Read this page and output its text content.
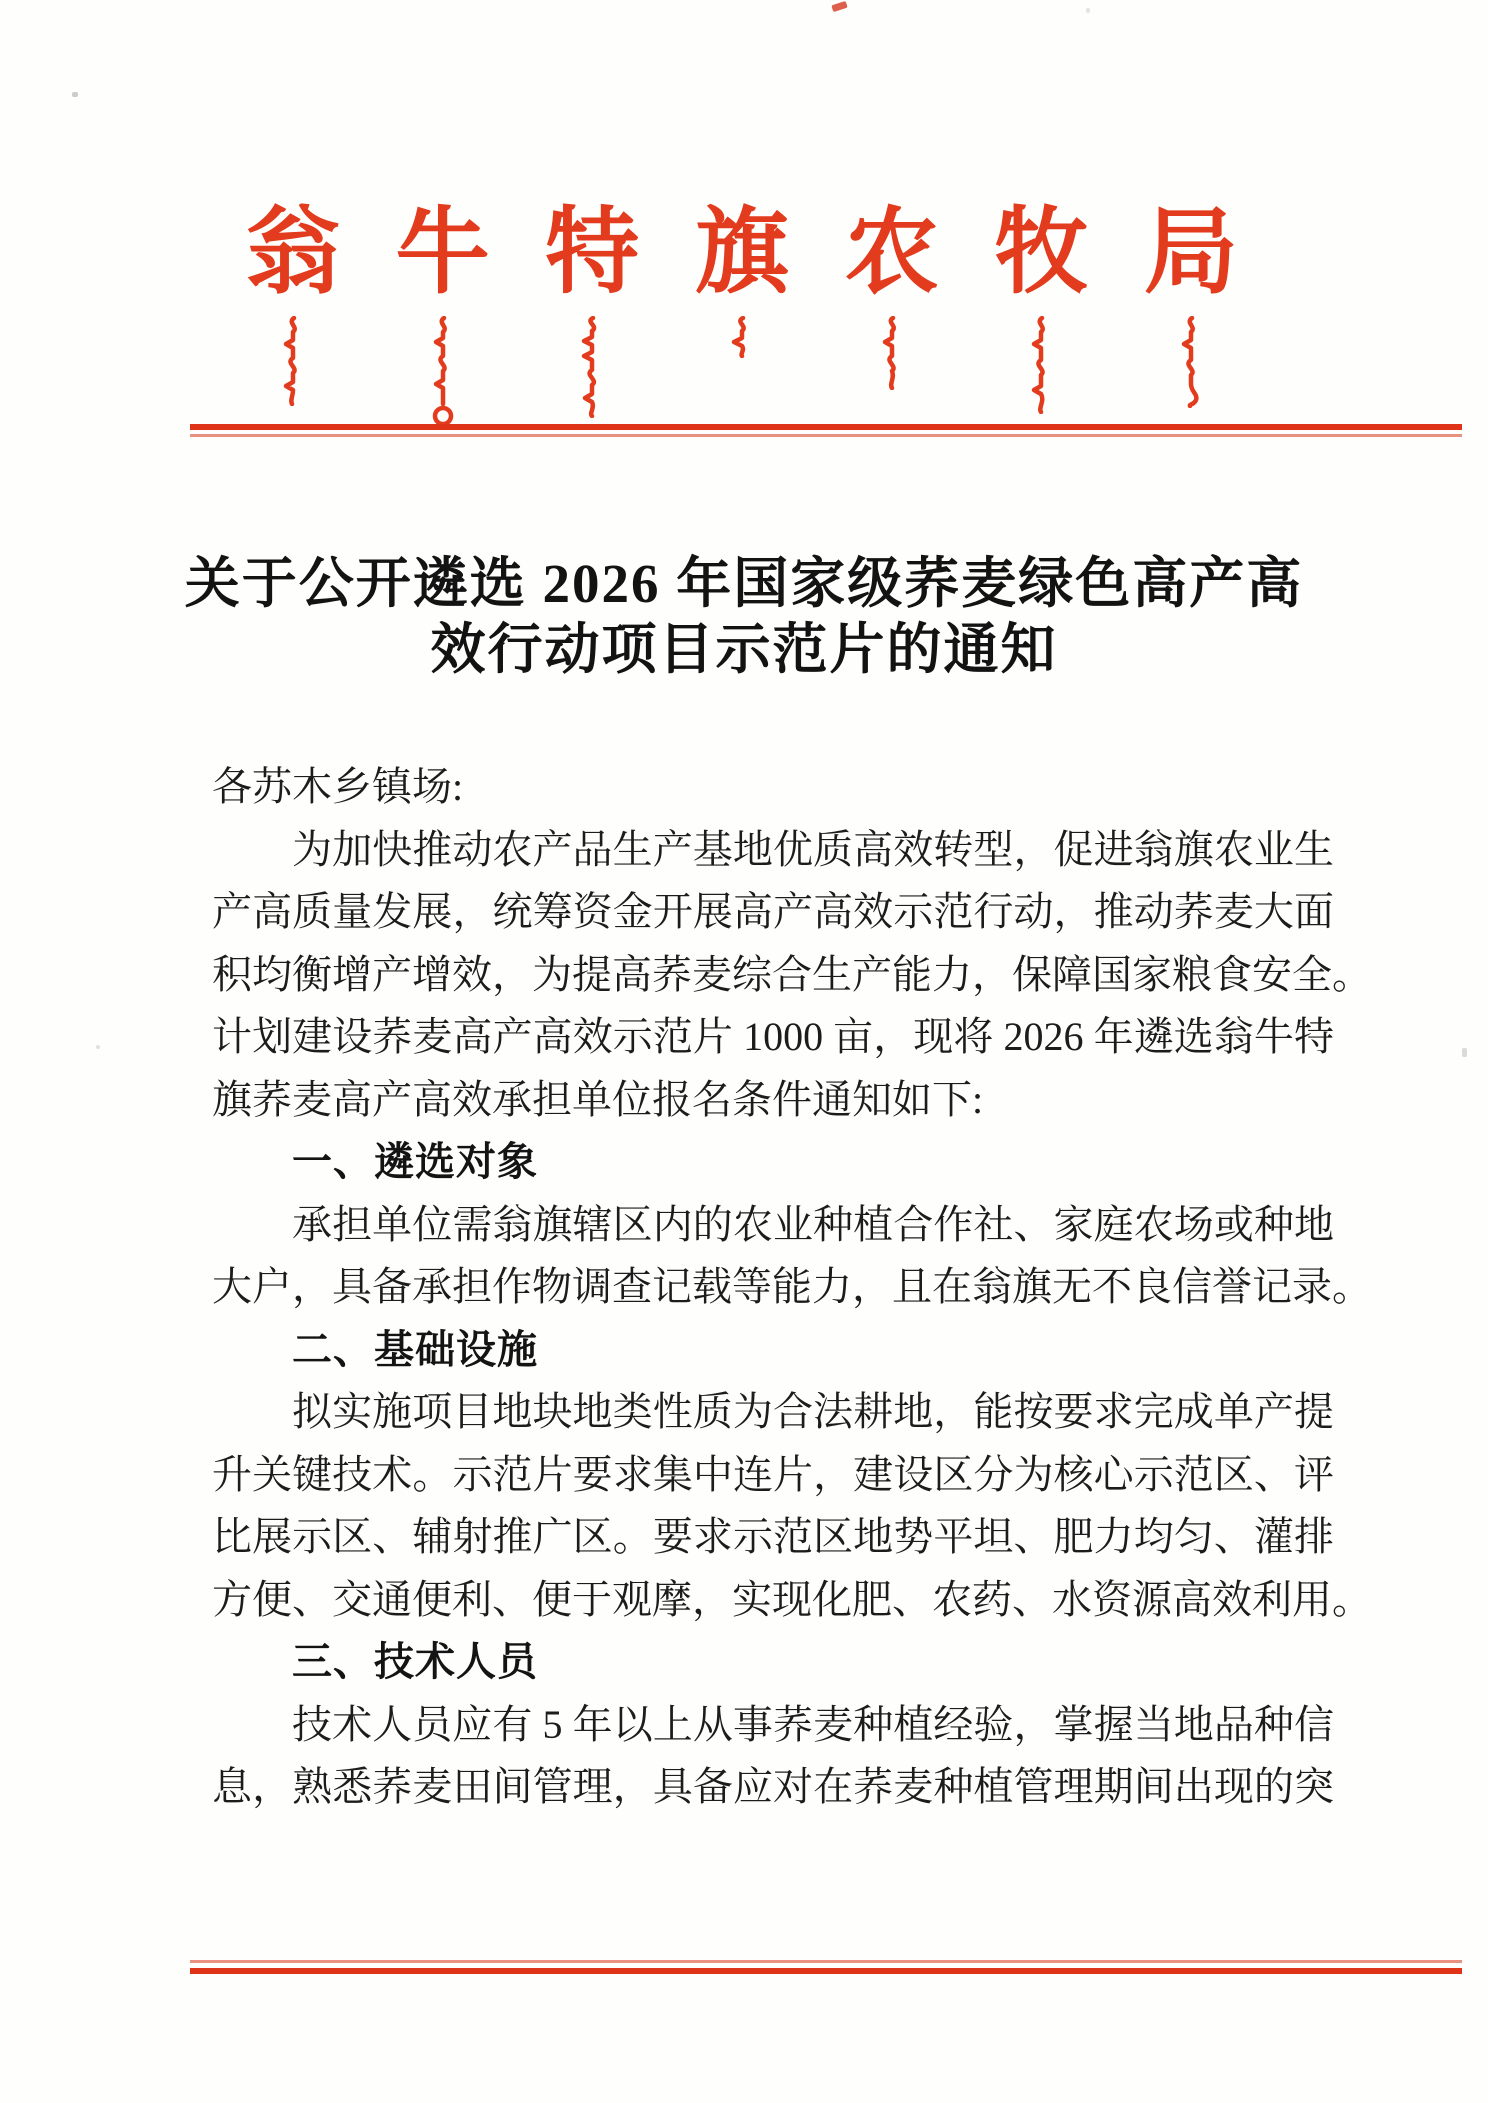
翁 牛 特 旗 农 牧 局
关于公开遴选 2026 年国家级荞麦绿色高产高
效行动项目示范片的通知
各苏木乡镇场:
为加快推动农产品生产基地优质高效转型，促进翁旗农业生
产高质量发展，统筹资金开展高产高效示范行动，推动荞麦大面
积均衡增产增效，为提高荞麦综合生产能力，保障国家粮食安全。
计划建设荞麦高产高效示范片 1000 亩，现将 2026 年遴选翁牛特
旗荞麦高产高效承担单位报名条件通知如下:
一、遴选对象
承担单位需翁旗辖区内的农业种植合作社、家庭农场或种地
大户，具备承担作物调查记载等能力，且在翁旗无不良信誉记录。
二、基础设施
拟实施项目地块地类性质为合法耕地，能按要求完成单产提
升关键技术。示范片要求集中连片，建设区分为核心示范区、评
比展示区、辅射推广区。要求示范区地势平坦、肥力均匀、灌排
方便、交通便利、便于观摩，实现化肥、农药、水资源高效利用。
三、技术人员
技术人员应有 5 年以上从事荞麦种植经验，掌握当地品种信
息，熟悉荞麦田间管理，具备应对在荞麦种植管理期间出现的突
